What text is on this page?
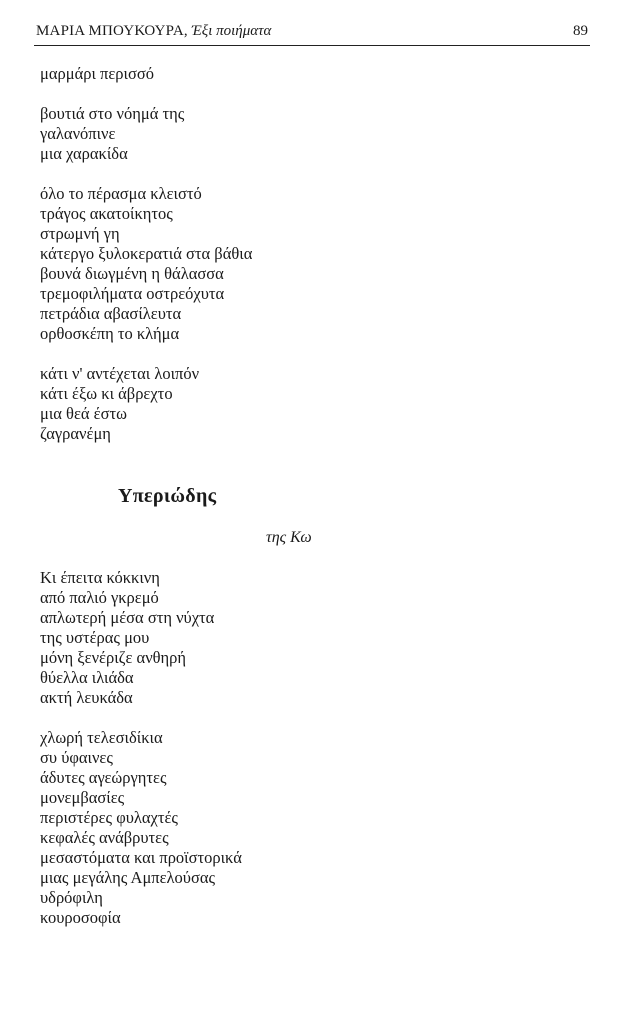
ΜΑΡΙΑ ΜΠΟΥΚΟΥΡΑ, Έξι ποιήματα	89
μαρμάρι περισσό
βουτιά στο νόημά της
γαλανόπινε
μια χαρακίδα
όλο το πέρασμα κλειστό
τράγος ακατοίκητος
στρωμνή γη
κάτεργο ξυλοκερατιά στα βάθια
βουνά διωγμένη η θάλασσα
τρεμοφιλήματα οστρεόχυτα
πετράδια αβασίλευτα
ορθοσκέπη το κλήμα
κάτι ν' αντέχεται λοιπόν
κάτι έξω κι άβρεχτο
μια θεά έστω
ζαγρανέμη
Υπεριώδης
της Κω
Κι έπειτα κόκκινη
από παλιό γκρεμό
απλωτερή μέσα στη νύχτα
της υστέρας μου
μόνη ξενέριζε ανθηρή
θύελλα ιλιάδα
ακτή λευκάδα
χλωρή τελεσιδίκια
συ ύφαινες
άδυτες αγεώργητες
μονεμβασίες
περιστέρες φυλαχτές
κεφαλές ανάβρυτες
μεσαστόματα και προϊστορικά
μιας μεγάλης Αμπελούσας
υδρόφιλη
κουροσοφία
